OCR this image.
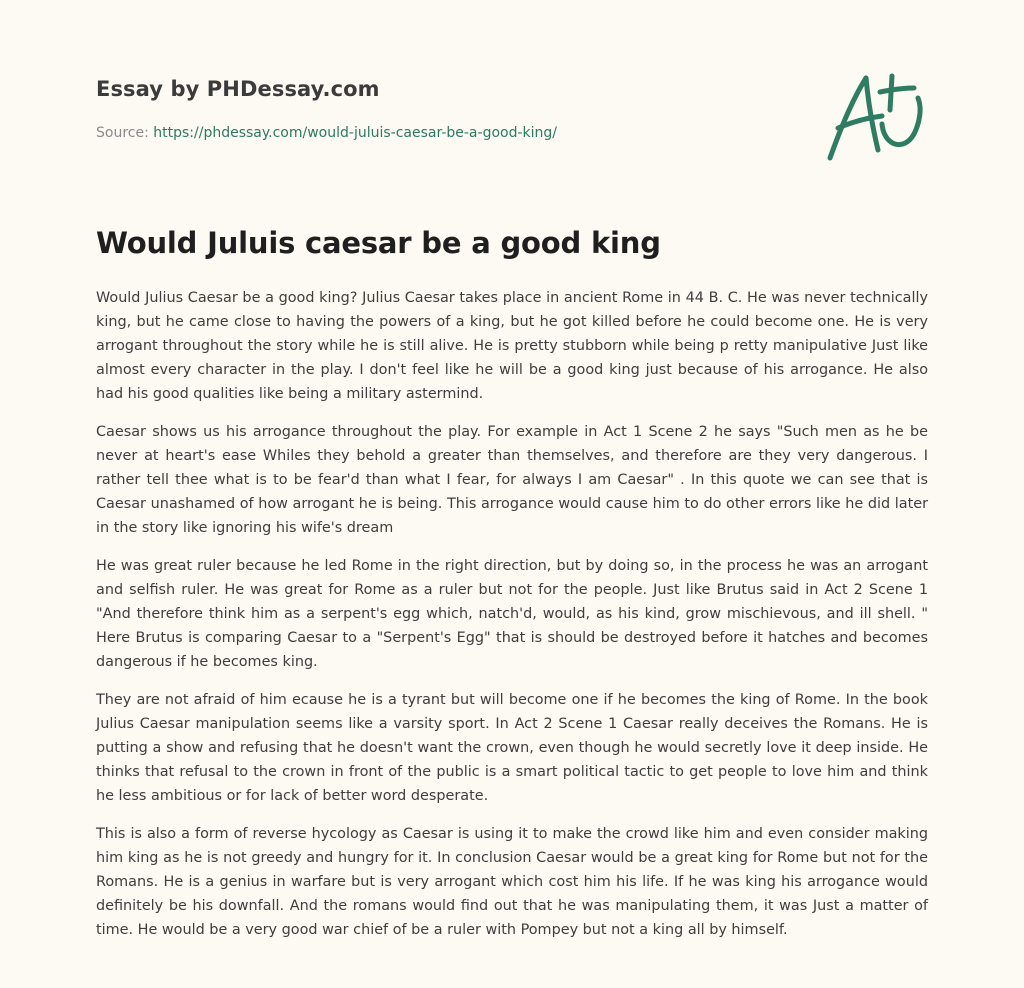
Essay by PHDessay.com
Source: https://phdessay.com/would-juluis-caesar-be-a-good-king/
Would Juluis caesar be a good king

Would Julius Caesar be a good king? Julius Caesar takes place in ancient Rome in 44 B. C. He was never technically king, but he came close to having the powers of a king, but he got killed before he could become one. He is very arrogant throughout the story while he is still alive. He is pretty stubborn while being p retty manipulative Just like almost every character in the play. I don't feel like he will be a good king just because of his arrogance. He also had his good qualities like being a military astermind.

Caesar shows us his arrogance throughout the play. For example in Act 1 Scene 2 he says "Such men as he be never at heart's ease Whiles they behold a greater than themselves, and therefore are they very dangerous. I rather tell thee what is to be fear'd than what I fear, for always I am Caesar" . In this quote we can see that is Caesar unashamed of how arrogant he is being. This arrogance would cause him to do other errors like he did later in the story like ignoring his wife's dream

He was great ruler because he led Rome in the right direction, but by doing so, in the process he was an arrogant and selfish ruler. He was great for Rome as a ruler but not for the people. Just like Brutus said in Act 2 Scene 1 "And therefore think him as a serpent's egg which, natch'd, would, as his kind, grow mischievous, and ill shell. " Here Brutus is comparing Caesar to a "Serpent's Egg" that is should be destroyed before it hatches and becomes dangerous if he becomes king.

They are not afraid of him ecause he is a tyrant but will become one if he becomes the king of Rome. In the book Julius Caesar manipulation seems like a varsity sport. In Act 2 Scene 1 Caesar really deceives the Romans. He is putting a show and refusing that he doesn't want the crown, even though he would secretly love it deep inside. He thinks that refusal to the crown in front of the public is a smart political tactic to get people to love him and think he less ambitious or for lack of better word desperate.

This is also a form of reverse hycology as Caesar is using it to make the crowd like him and even consider making him king as he is not greedy and hungry for it. In conclusion Caesar would be a great king for Rome but not for the Romans. He is a genius in warfare but is very arrogant which cost him his life. If he was king his arrogance would definitely be his downfall. And the romans would find out that he was manipulating them, it was Just a matter of time. He would be a very good war chief of be a ruler with Pompey but not a king all by himself.
